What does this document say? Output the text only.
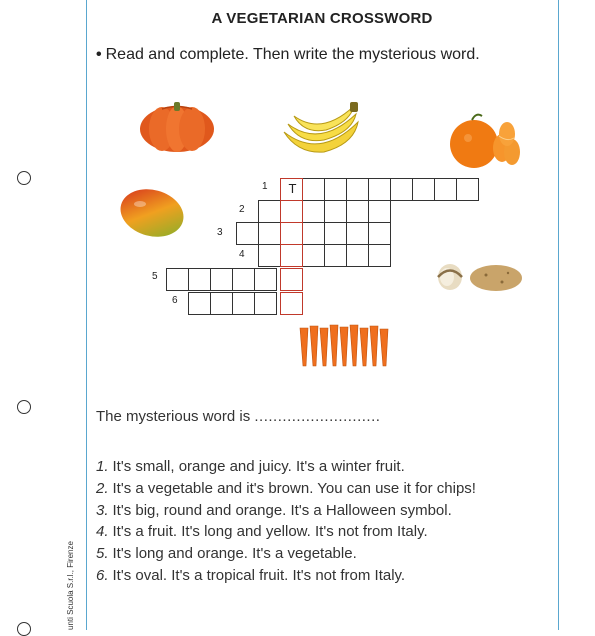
unti Scuola S.r.l., Firenze
A VEGETARIAN CROSSWORD
• Read and complete. Then write the mysterious word.
T
1
2
3
4
5
6
The mysterious word is ...........................
1. It's small, orange and juicy. It's a winter fruit.
2. It's a vegetable and it's brown. You can use it for chips!
3. It's big, round and orange. It's a Halloween symbol.
4. It's a fruit. It's long and yellow. It's not from Italy.
5. It's long and orange. It's a vegetable.
6. It's oval. It's a tropical fruit. It's not from Italy.
